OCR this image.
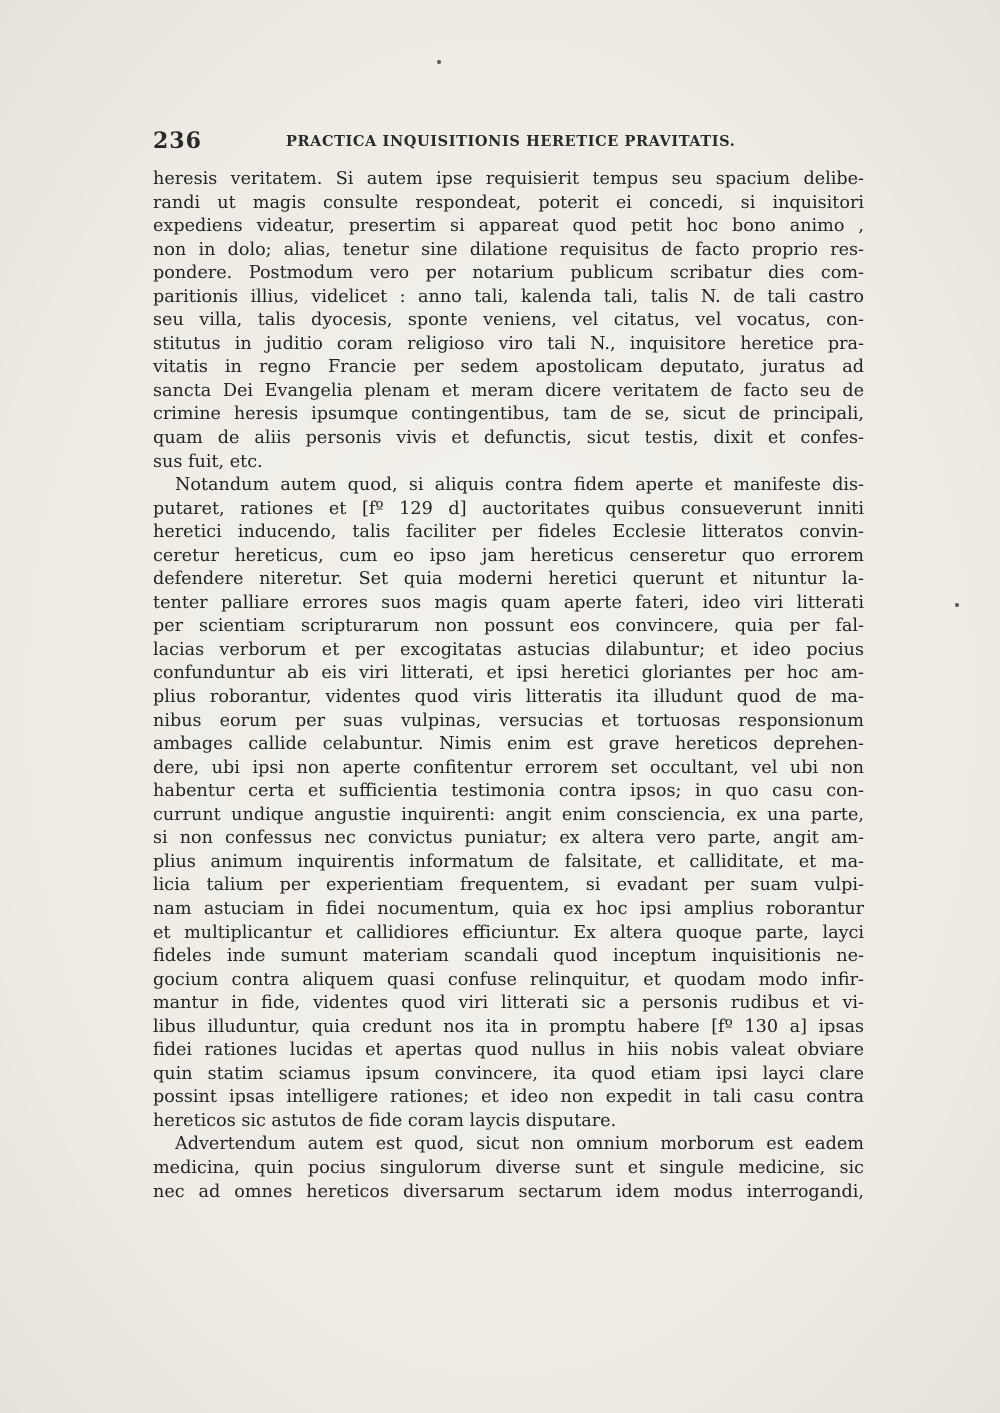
236	PRACTICA INQUISITIONIS HERETICE PRAVITATIS.
heresis veritatem. Si autem ipse requisierit tempus seu spacium delibe-
randi ut magis consulte respondeat, poterit ei concedi, si inquisitori
expediens videatur, presertim si appareat quod petit hoc bono animo ,
non in dolo; alias, tenetur sine dilatione requisitus de facto proprio res-
pondere. Postmodum vero per notarium publicum scribatur dies com-
paritionis illius, videlicet : anno tali, kalenda tali, talis N. de tali castro
seu villa, talis dyocesis, sponte veniens, vel citatus, vel vocatus, con-
stitutus in juditio coram religioso viro tali N., inquisitore heretice pra-
vitatis in regno Francie per sedem apostolicam deputato, juratus ad
sancta Dei Evangelia plenam et meram dicere veritatem de facto seu de
crimine heresis ipsumque contingentibus, tam de se, sicut de principali,
quam de aliis personis vivis et defunctis, sicut testis, dixit et confes-
sus fuit, etc.
Notandum autem quod, si aliquis contra fidem aperte et manifeste dis-
putaret, rationes et [fº 129 d] auctoritates quibus consueverunt inniti
heretici inducendo, talis faciliter per fideles Ecclesie litteratos convin-
ceretur hereticus, cum eo ipso jam hereticus censeretur quo errorem
defendere niteretur. Set quia moderni heretici querunt et nituntur la-
tenter palliare errores suos magis quam aperte fateri, ideo viri litterati
per scientiam scripturarum non possunt eos convincere, quia per fal-
lacias verborum et per excogitatas astucias dilabuntur; et ideo pocius
confunduntur ab eis viri litterati, et ipsi heretici gloriantes per hoc am-
plius roborantur, videntes quod viris litteratis ita illudunt quod de ma-
nibus eorum per suas vulpinas, versucias et tortuosas responsionum
ambages callide celabuntur. Nimis enim est grave hereticos deprehen-
dere, ubi ipsi non aperte confitentur errorem set occultant, vel ubi non
habentur certa et sufficientia testimonia contra ipsos; in quo casu con-
currunt undique angustie inquirenti: angit enim consciencia, ex una parte,
si non confessus nec convictus puniatur; ex altera vero parte, angit am-
plius animum inquirentis informatum de falsitate, et calliditate, et ma-
licia talium per experientiam frequentem, si evadant per suam vulpi-
nam astuciam in fidei nocumentum, quia ex hoc ipsi amplius roborantur
et multiplicantur et callidiores efficiuntur. Ex altera quoque parte, layci
fideles inde sumunt materiam scandali quod inceptum inquisitionis ne-
gocium contra aliquem quasi confuse relinquitur, et quodam modo infir-
mantur in fide, videntes quod viri litterati sic a personis rudibus et vi-
libus illuduntur, quia credunt nos ita in promptu habere [fº 130 a] ipsas
fidei rationes lucidas et apertas quod nullus in hiis nobis valeat obviare
quin statim sciamus ipsum convincere, ita quod etiam ipsi layci clare
possint ipsas intelligere rationes; et ideo non expedit in tali casu contra
hereticos sic astutos de fide coram laycis disputare.
Advertendum autem est quod, sicut non omnium morborum est eadem
medicina, quin pocius singulorum diverse sunt et singule medicine, sic
nec ad omnes hereticos diversarum sectarum idem modus interrogandi,
